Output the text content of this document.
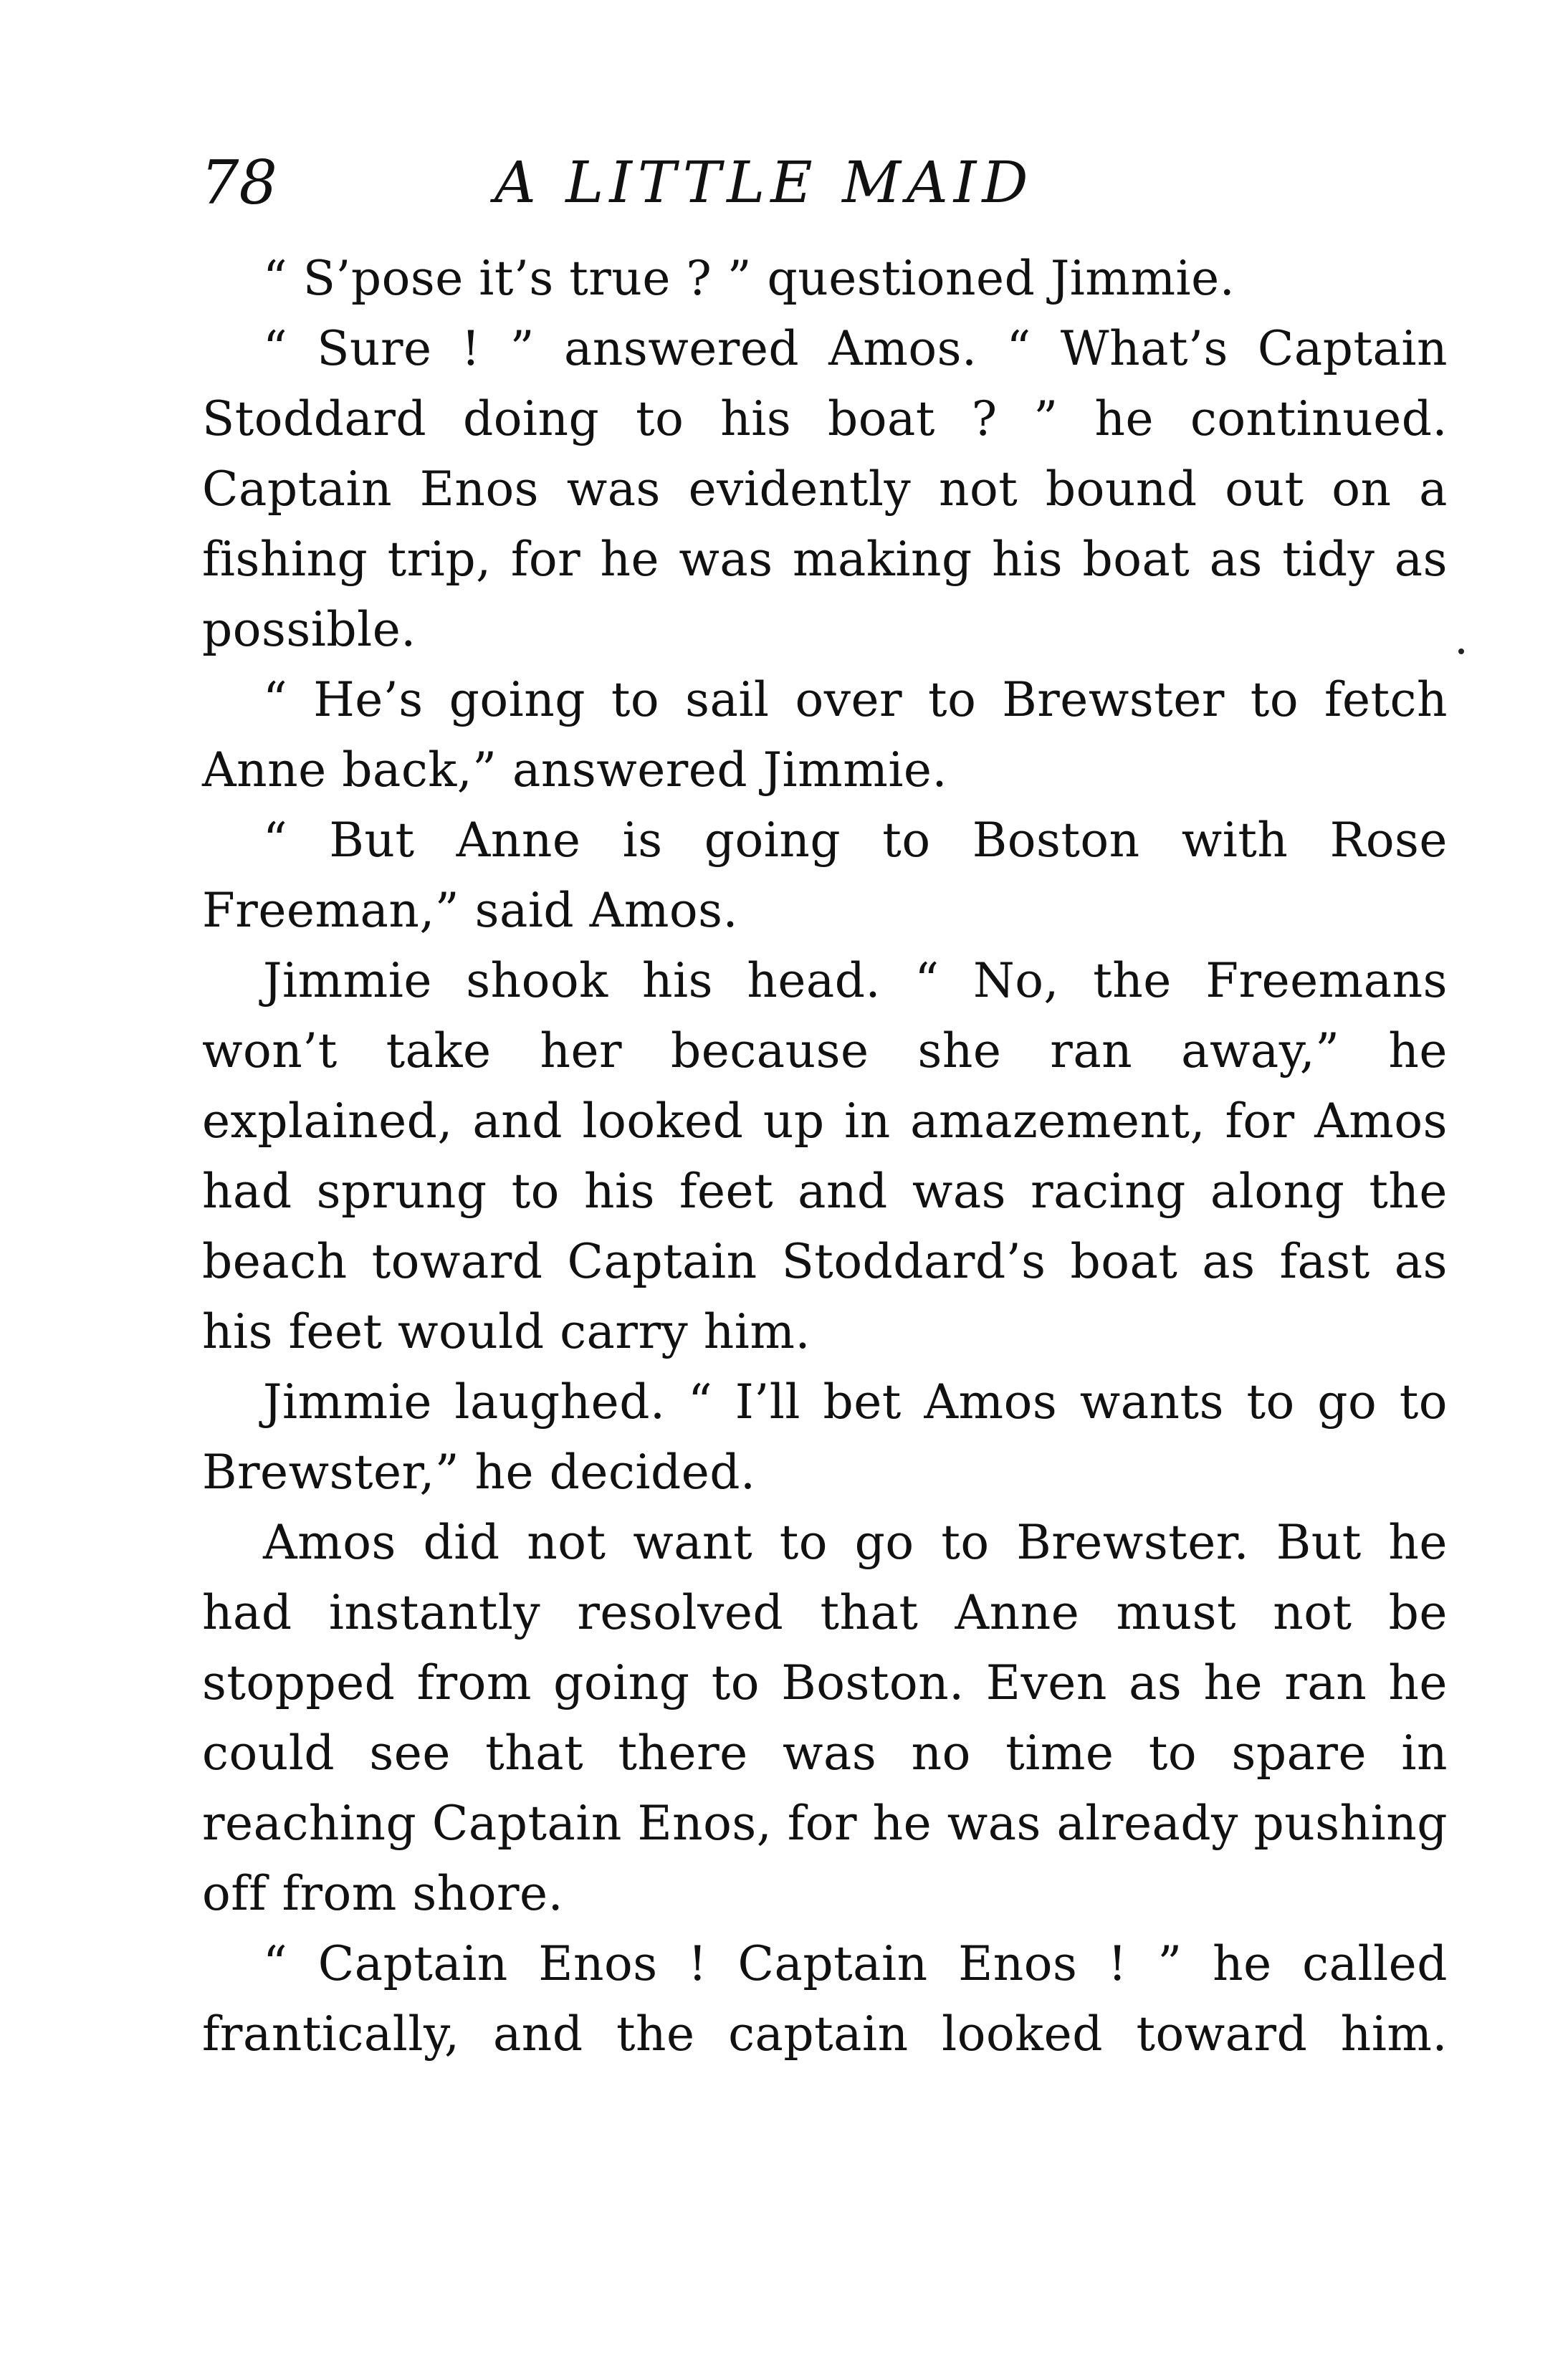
78	A LITTLE MAID

“ S’pose it’s true ? ” questioned Jimmie.

“ Sure ! ” answered Amos. “ What’s Captain Stoddard doing to his boat ? ” he continued. Captain Enos was evidently not bound out on a fishing trip, for he was making his boat as tidy as possible.

“ He’s going to sail over to Brewster to fetch Anne back,” answered Jimmie.

“ But Anne is going to Boston with Rose Freeman,” said Amos.

Jimmie shook his head. “ No, the Freemans won’t take her because she ran away,” he explained, and looked up in amazement, for Amos had sprung to his feet and was racing along the beach toward Captain Stoddard’s boat as fast as his feet would carry him.

Jimmie laughed. “ I’ll bet Amos wants to go to Brewster,” he decided.

Amos did not want to go to Brewster. But he had instantly resolved that Anne must not be stopped from going to Boston. Even as he ran he could see that there was no time to spare in reaching Captain Enos, for he was already pushing off from shore.

“ Captain Enos ! Captain Enos ! ” he called frantically, and the captain looked toward him.
